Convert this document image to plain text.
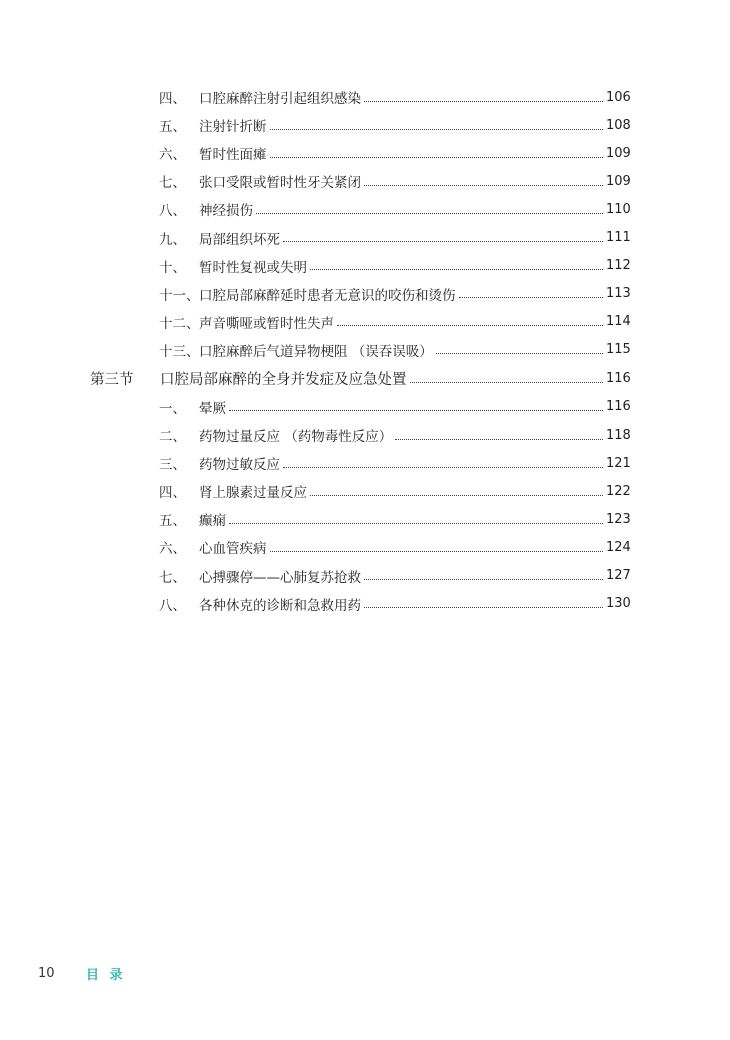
四、 口腔麻醉注射引起组织感染	106
五、 注射针折断	108
六、 暂时性面瘫	109
七、 张口受限或暂时性牙关紧闭	109
八、 神经损伤	110
九、 局部组织坏死	111
十、 暂时性复视或失明	112
十一、 口腔局部麻醉延时患者无意识的咬伤和烫伤	113
十二、 声音嘶哑或暂时性失声	114
十三、 口腔麻醉后气道异物梗阻 （误吞误吸）	115
第三节	口腔局部麻醉的全身并发症及应急处置	116
一、 晕厥	116
二、 药物过量反应 （药物毒性反应）	118
三、 药物过敏反应	121
四、 肾上腺素过量反应	122
五、 癫痫	123
六、 心血管疾病	124
七、 心搏骤停——心肺复苏抢救	127
八、 各种休克的诊断和急救用药	130
10	目 录
